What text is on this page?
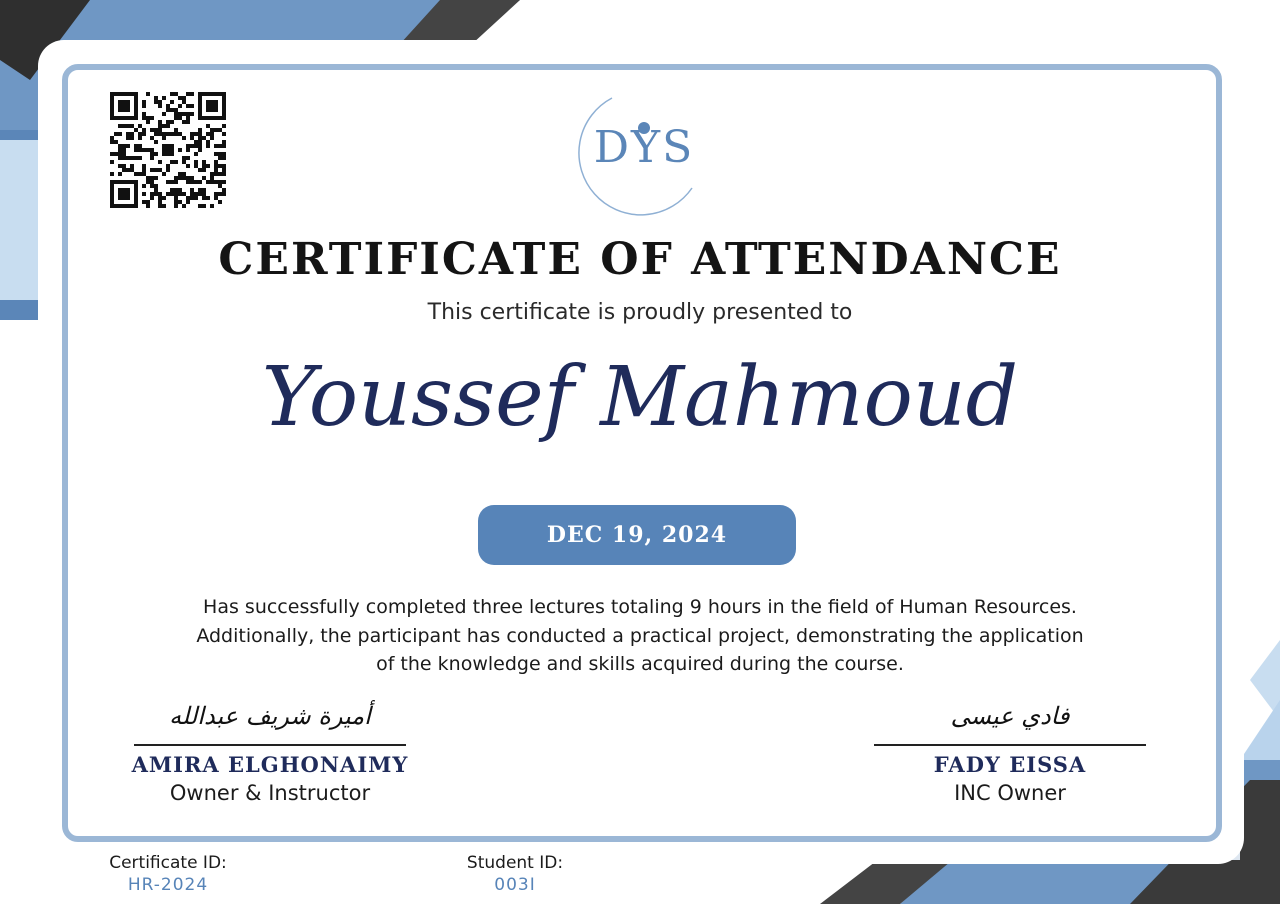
DYS
CERTIFICATE OF ATTENDANCE
This certificate is proudly presented to
Youssef Mahmoud
DEC 19, 2024

Has successfully completed three lectures totaling 9 hours in the field of Human Resources.
Additionally, the participant has conducted a practical project, demonstrating the application
of the knowledge and skills acquired during the course.

أميرة شريف عبدالله
AMIRA ELGHONAIMY
Owner & Instructor
فادي عيسى
FADY EISSA
INC Owner
Certificate ID:
HR-2024
Student ID:
003I
